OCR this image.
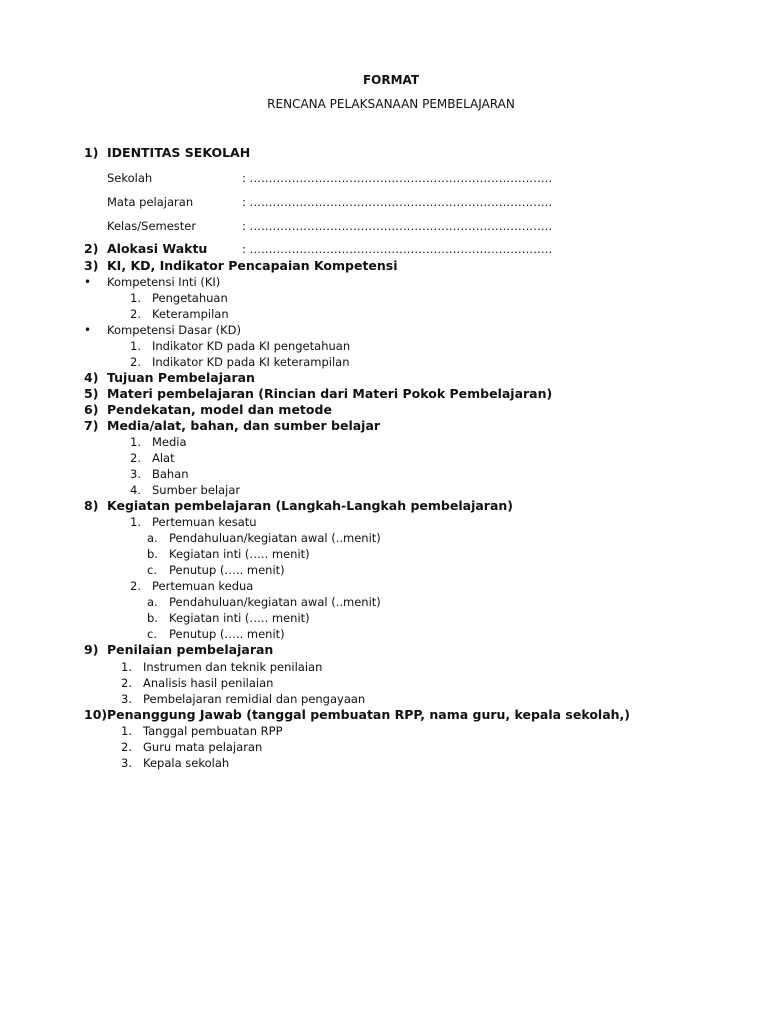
FORMAT
RENCANA PELAKSANAAN PEMBELAJARAN
1) IDENTITAS SEKOLAH
Sekolah	: …………………………………………………………………….
Mata pelajaran	: …………………………………………………………………….
Kelas/Semester	: …………………………………………………………………….
2) Alokasi Waktu	: …………………………………………………………………….
3) KI, KD, Indikator Pencapaian Kompetensi
• Kompetensi Inti (KI)
1. Pengetahuan
2. Keterampilan
• Kompetensi Dasar (KD)
1. Indikator KD pada KI pengetahuan
2. Indikator KD pada KI keterampilan
4) Tujuan Pembelajaran
5) Materi pembelajaran (Rincian dari Materi Pokok Pembelajaran)
6) Pendekatan, model dan metode
7) Media/alat, bahan, dan sumber belajar
1. Media
2. Alat
3. Bahan
4. Sumber belajar
8) Kegiatan pembelajaran (Langkah-Langkah pembelajaran)
1. Pertemuan kesatu
a. Pendahuluan/kegiatan awal (..menit)
b. Kegiatan inti (….. menit)
c. Penutup (….. menit)
2. Pertemuan kedua
a. Pendahuluan/kegiatan awal (..menit)
b. Kegiatan inti (….. menit)
c. Penutup (….. menit)
9) Penilaian pembelajaran
1. Instrumen dan teknik penilaian
2. Analisis hasil penilaian
3. Pembelajaran remidial dan pengayaan
10) Penanggung Jawab (tanggal pembuatan RPP, nama guru, kepala sekolah,)
1. Tanggal pembuatan RPP
2. Guru mata pelajaran
3. Kepala sekolah
